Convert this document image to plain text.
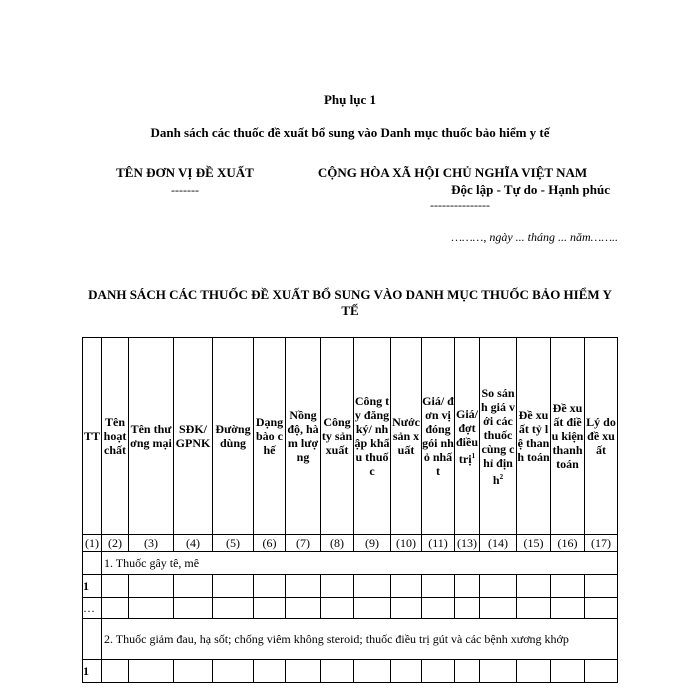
Phụ lục 1
Danh sách các thuốc đề xuất bổ sung vào Danh mục thuốc bảo hiểm y tế
TÊN ĐƠN VỊ ĐỀ XUẤT
-------
CỘNG HÒA XÃ HỘI CHỦ NGHĨA VIỆT NAM
Độc lập - Tự do - Hạnh phúc
---------------
………, ngày ... tháng ... năm……..
DANH SÁCH CÁC THUỐC ĐỀ XUẤT BỔ SUNG VÀO DANH MỤC THUỐC BẢO HIỂM Y TẾ
TT	Tên hoạt chất	Tên thương mại	SĐK/ GPNK	Đường dùng	Dạng bào chế	Nồng độ, hàm lượng	Công ty sản xuất	Công ty đăng ký/ nhập khẩu thuốc	Nước sản xuất	Giá/ đơn vị đóng gói nhỏ nhất	Giá/đợt điều trị$^1$	So sánh giá với các thuốc cùng chỉ định$^2$	Đề xuất tỷ lệ thanh toán	Đề xuất điều kiện thanh toán	Lý do đề xuất
(1)	(2)	(3)	(4)	(5)	(6)	(7)	(8)	(9)	(10)	(11)	(13)	(14)	(15)	(16)	(17)
	1. Thuốc gây tê, mê														
1															
…															
	2. Thuốc giảm đau, hạ sốt; chống viêm không steroid; thuốc điều trị gút và các bệnh xương khớp														
1															
